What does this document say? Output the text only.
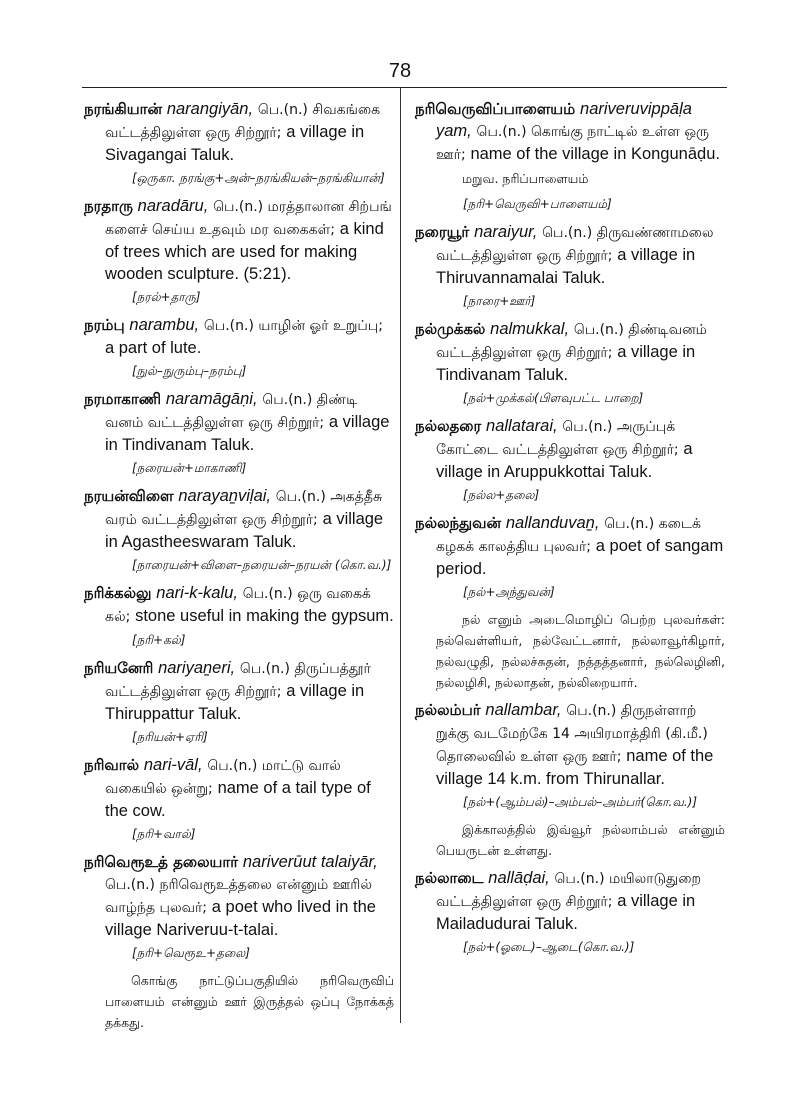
78
நரங்கியான் narangiyān, பெ.(n.) சிவகங்கை வட்டத்திலுள்ள ஒரு சிற்றூர்; a village in Sivagangai Taluk.
[ஒருகா. நரங்கு+அன்–நரங்கியன்–நரங்கியான்]
நரதாரு naradāru, பெ.(n.) மரத்தாலான சிற்பங் களைச் செய்ய உதவும் மர வகைகள்; a kind of trees which are used for making wooden sculpture. (5:21).
[நரல்+தாரு]
நரம்பு narambu, பெ.(n.) யாழின் ஓர் உறுப்பு; a part of lute.
[நுல்–நுரும்பு–நரம்பு]
நரமாகாணி naramāgāṇi, பெ.(n.) திண்டி வனம் வட்டத்திலுள்ள ஒரு சிற்றூர்; a village in Tindivanam Taluk.
[நரையன்+மாகாணி]
நரயன்விளை narayaṉviḷai, பெ.(n.) அகத்தீசு வரம் வட்டத்திலுள்ள ஒரு சிற்றூர்; a village in Agastheeswaram Taluk.
[நாரையன்+விளை–நரையன்–நரயன் (கொ.வ.)]
நரிக்கல்லு nari-k-kalu, பெ.(n.) ஒரு வகைக் கல்; stone useful in making the gypsum.
[நரி+கல்]
நரியனேரி nariyaṉeri, பெ.(n.) திருப்பத்தூர் வட்டத்திலுள்ள ஒரு சிற்றூர்; a village in Thiruppattur Taluk.
[நரியன்+ஏரி]
நரிவால் nari-vāl, பெ.(n.) மாட்டு வால் வகையில் ஒன்று; name of a tail type of the cow.
[நரி+வால்]
நரிவெரூஉத் தலையார் nariverūut talaiyār, பெ.(n.) நரிவெரூஉத்தலை என்னும் ஊரில் வாழ்ந்த புலவர்; a poet who lived in the village Nariveruu-t-talai.
[நரி+வெரூஉ+தலை]
கொங்கு நாட்டுப்பகுதியில் நரிவெருவிப் பாளையம் என்னும் ஊர் இருத்தல் ஒப்பு நோக்கத் தக்கது.
நரிவெருவிப்பாளையம் nariveruvippāḷa yam, பெ.(n.) கொங்கு நாட்டில் உள்ள ஒரு ஊர்; name of the village in Kongunāḍu.
மறுவ. நரிப்பாளையம்
[நரி+வெருவி+பாளையம்]
நரையூர் naraiyur, பெ.(n.) திருவண்ணாமலை வட்டத்திலுள்ள ஒரு சிற்றூர்; a village in Thiruvannamalai Taluk.
[நாரை+ஊர்]
நல்முக்கல் nalmukkal, பெ.(n.) திண்டிவனம் வட்டத்திலுள்ள ஒரு சிற்றூர்; a village in Tindivanam Taluk.
[நல்+முக்கல்(பிளவுபட்ட பாறை]
நல்லதரை nallatarai, பெ.(n.) அருப்புக் கோட்டை வட்டத்திலுள்ள ஒரு சிற்றூர்; a village in Aruppukkottai Taluk.
[நல்ல+தலை]
நல்லந்துவன் nallanduvaṉ, பெ.(n.) கடைக் கழகக் காலத்திய புலவர்; a poet of sangam period.
[நல்+அந்துவன்]
நல் எனும் அடைமொழிப் பெற்ற புலவர்கள்: நல்வெள்ளியர், நல்வேட்டனார், நல்லாவூர்கிழார், நல்வழுதி, நல்லச்சுதன், நத்தத்தனார், நல்லெழினி, நல்லழிசி, நல்லாதன், நல்லிறையார்.
நல்லம்பர் nallambar, பெ.(n.) திருநள்ளாற் றுக்கு வடமேற்கே 14 அயிரமாத்திரி (கி.மீ.) தொலைவில் உள்ள ஒரு ஊர்; name of the village 14 k.m. from Thirunallar.
[நல்+(ஆம்பல்)–அம்பல்–அம்பர்(கொ.வ.)]
இக்காலத்தில் இவ்வூர் நல்லாம்பல் என்னும் பெயருடன் உள்ளது.
நல்லாடை nallāḍai, பெ.(n.) மயிலாடுதுறை வட்டத்திலுள்ள ஒரு சிற்றூர்; a village in Mailadudurai Taluk.
[நல்+(ஓடை)–ஆடை(கொ.வ.)]
